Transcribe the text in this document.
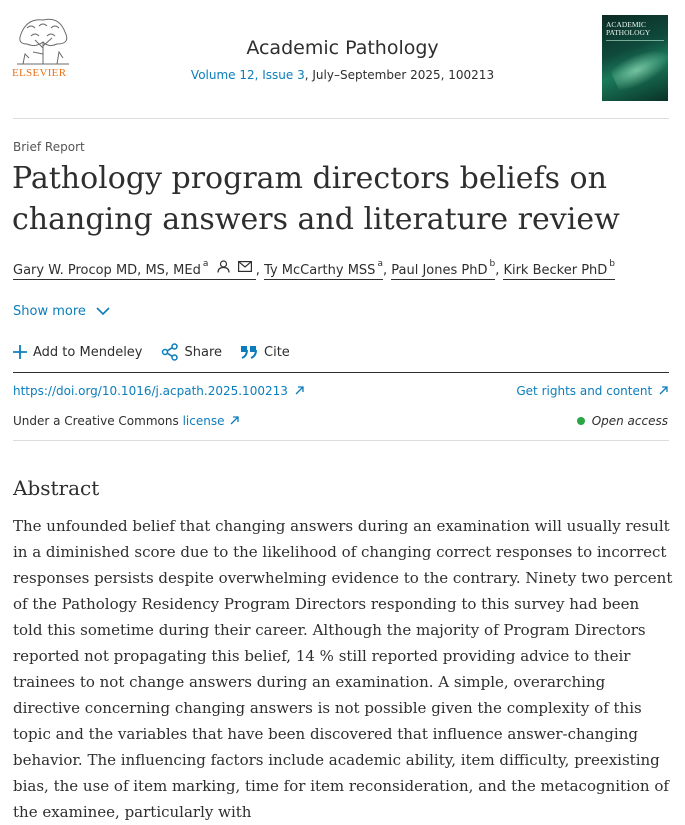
ELSEVIER
Academic Pathology
Volume 12, Issue 3, July–September 2025, 100213
ACADEMIC
PATHOLOGY
Brief Report
Pathology program directors beliefs on changing answers and literature review
Gary W. Procop MD, MS, MEd $^a$	, Ty McCarthy MSS $^a$, Paul Jones PhD $^b$, Kirk Becker PhD $^b$
Show more
Add to Mendeley	Share	Cite
https://doi.org/10.1016/j.acpath.2025.100213	Get rights and content
Under a Creative Commons license	Open access
Abstract

The unfounded belief that changing answers during an examination will usually result in a diminished score due to the likelihood of changing correct responses to incorrect responses persists despite overwhelming evidence to the contrary. Ninety two percent of the Pathology Residency Program Directors responding to this survey had been told this sometime during their career. Although the majority of Program Directors reported not propagating this belief, 14 % still reported providing advice to their trainees to not change answers during an examination. A simple, overarching directive concerning changing answers is not possible given the complexity of this topic and the variables that have been discovered that influence answer-changing behavior. The influencing factors include academic ability, item difficulty, preexisting bias, the use of item marking, time for item reconsideration, and the metacognition of the examinee, particularly with
